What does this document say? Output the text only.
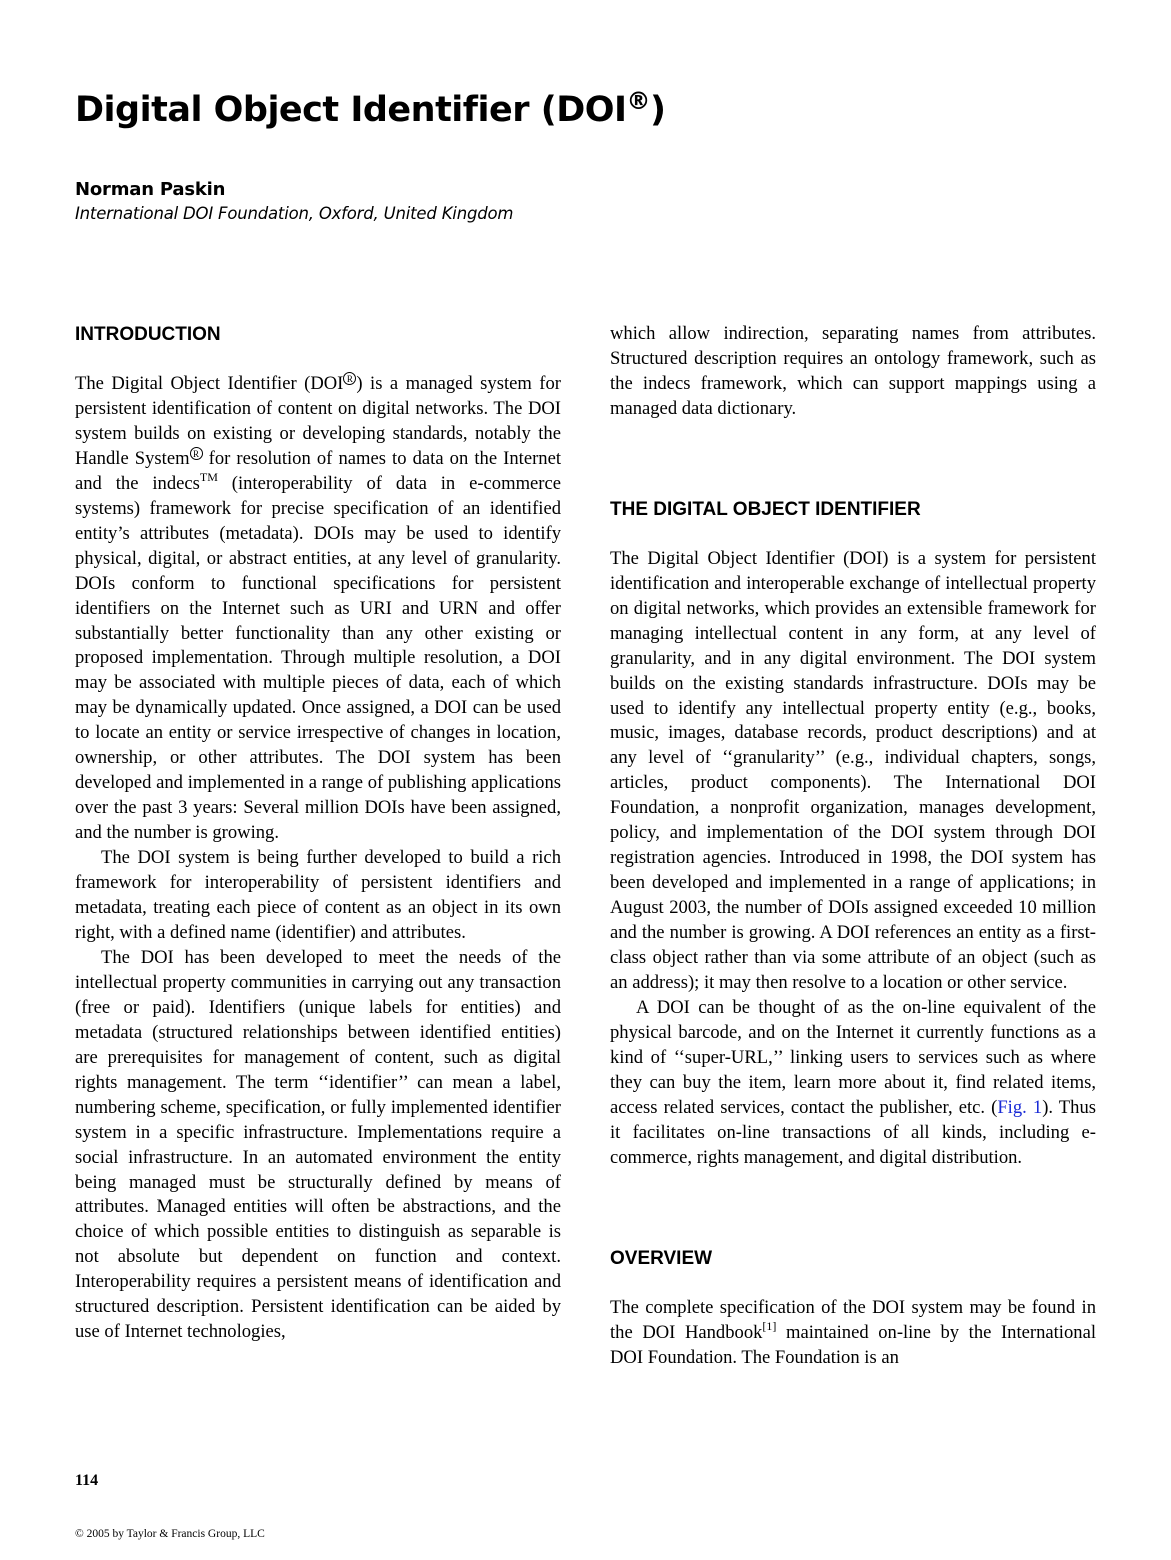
Digital Object Identifier (DOI®)
Norman Paskin
International DOI Foundation, Oxford, United Kingdom
INTRODUCTION

The Digital Object Identifier (DOI R ) is a managed system for persistent identification of content on digital networks. The DOI system builds on existing or developing standards, notably the Handle System R for resolution of names to data on the Internet and the indecs™ (interoperability of data in e-commerce systems) framework for precise specification of an identified entity’s attributes (metadata). DOIs may be used to identify physical, digital, or abstract entities, at any level of granularity. DOIs conform to functional specifications for persistent identifiers on the Internet such as URI and URN and offer substantially better functionality than any other existing or proposed implementation. Through multiple resolution, a DOI may be associated with multiple pieces of data, each of which may be dynamically updated. Once assigned, a DOI can be used to locate an entity or service irrespective of changes in location, ownership, or other attributes. The DOI system has been developed and implemented in a range of publishing applications over the past 3 years: Several million DOIs have been assigned, and the number is growing.

The DOI system is being further developed to build a rich framework for interoperability of persistent identifiers and metadata, treating each piece of content as an object in its own right, with a defined name (identifier) and attributes.

The DOI has been developed to meet the needs of the intellectual property communities in carrying out any transaction (free or paid). Identifiers (unique labels for entities) and metadata (structured relationships between identified entities) are prerequisites for management of content, such as digital rights management. The term ‘‘identifier’’ can mean a label, numbering scheme, specification, or fully implemented identifier system in a specific infrastructure. Implementations require a social infrastructure. In an automated environment the entity being managed must be structurally defined by means of attributes. Managed entities will often be abstractions, and the choice of which possible entities to distinguish as separable is not absolute but dependent on function and context. Interoperability requires a persistent means of identification and structured description. Persistent identification can be aided by use of Internet technologies,

which allow indirection, separating names from attributes. Structured description requires an ontology framework, such as the indecs framework, which can support mappings using a managed data dictionary.

THE DIGITAL OBJECT IDENTIFIER

The Digital Object Identifier (DOI) is a system for persistent identification and interoperable exchange of intellectual property on digital networks, which provides an extensible framework for managing intellectual content in any form, at any level of granularity, and in any digital environment. The DOI system builds on the existing standards infrastructure. DOIs may be used to identify any intellectual property entity (e.g., books, music, images, database records, product descriptions) and at any level of ‘‘granularity’’ (e.g., individual chapters, songs, articles, product components). The International DOI Foundation, a nonprofit organization, manages development, policy, and implementation of the DOI system through DOI registration agencies. Introduced in 1998, the DOI system has been developed and implemented in a range of applications; in August 2003, the number of DOIs assigned exceeded 10 million and the number is growing. A DOI references an entity as a first-class object rather than via some attribute of an object (such as an address); it may then resolve to a location or other service.

A DOI can be thought of as the on-line equivalent of the physical barcode, and on the Internet it currently functions as a kind of ‘‘super-URL,’’ linking users to services such as where they can buy the item, learn more about it, find related items, access related services, contact the publisher, etc. (Fig. 1). Thus it facilitates on-line transactions of all kinds, including e-commerce, rights management, and digital distribution.

OVERVIEW

The complete specification of the DOI system may be found in the DOI Handbook[1] maintained on-line by the International DOI Foundation. The Foundation is an

114
© 2005 by Taylor & Francis Group, LLC
